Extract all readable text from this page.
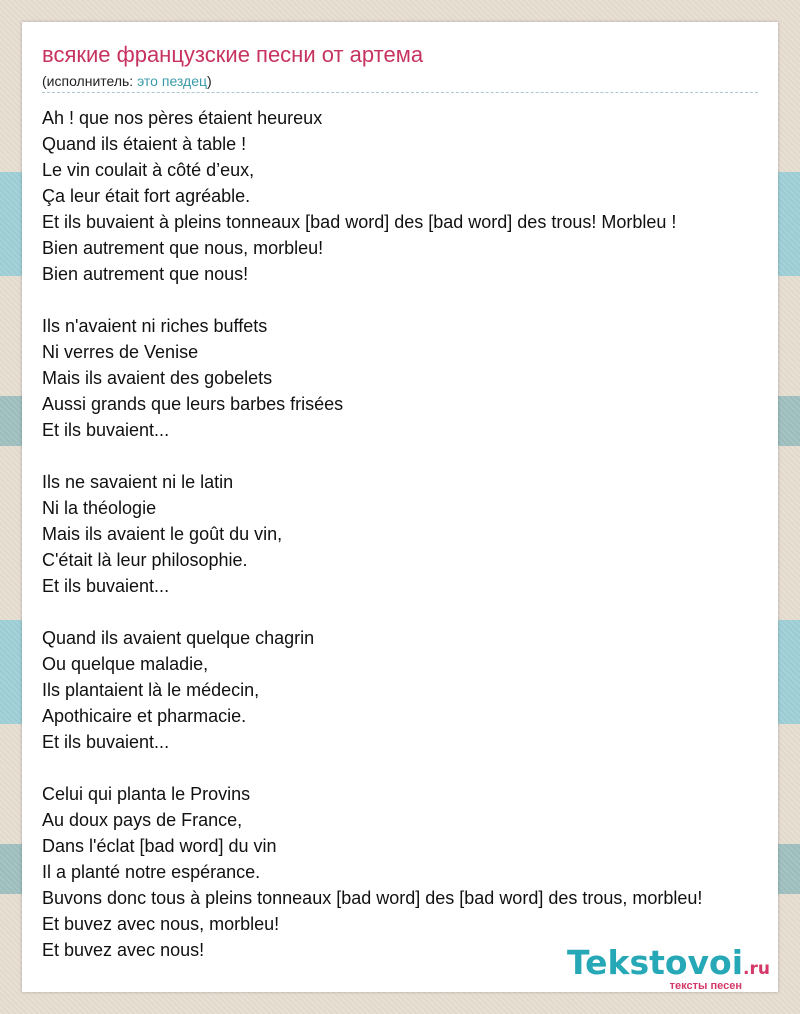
всякие французские песни от артема
(исполнитель: это пездец)
Ah ! que nos pères étaient heureux
Quand ils étaient à table !
Le vin coulait à côté d’eux,
Ça leur était fort agréable.
Et ils buvaient à pleins tonneaux [bad word] des [bad word] des trous! Morbleu !
Bien autrement que nous, morbleu!
Bien autrement que nous!

Ils n'avaient ni riches buffets
Ni verres de Venise
Mais ils avaient des gobelets
Aussi grands que leurs barbes frisées
Et ils buvaient...

Ils ne savaient ni le latin
Ni la théologie
Mais ils avaient le goût du vin,
C'était là leur philosophie.
Et ils buvaient...

Quand ils avaient quelque chagrin
Ou quelque maladie,
Ils plantaient là le médecin,
Apothicaire et pharmacie.
Et ils buvaient...

Celui qui planta le Provins
Au doux pays de France,
Dans l'éclat [bad word] du vin
Il a planté notre espérance.
Buvons donc tous à pleins tonneaux [bad word] des [bad word] des trous, morbleu!
Et buvez avec nous, morbleu!
Et buvez avec nous!	Tekstovoi.ru
тексты песен
